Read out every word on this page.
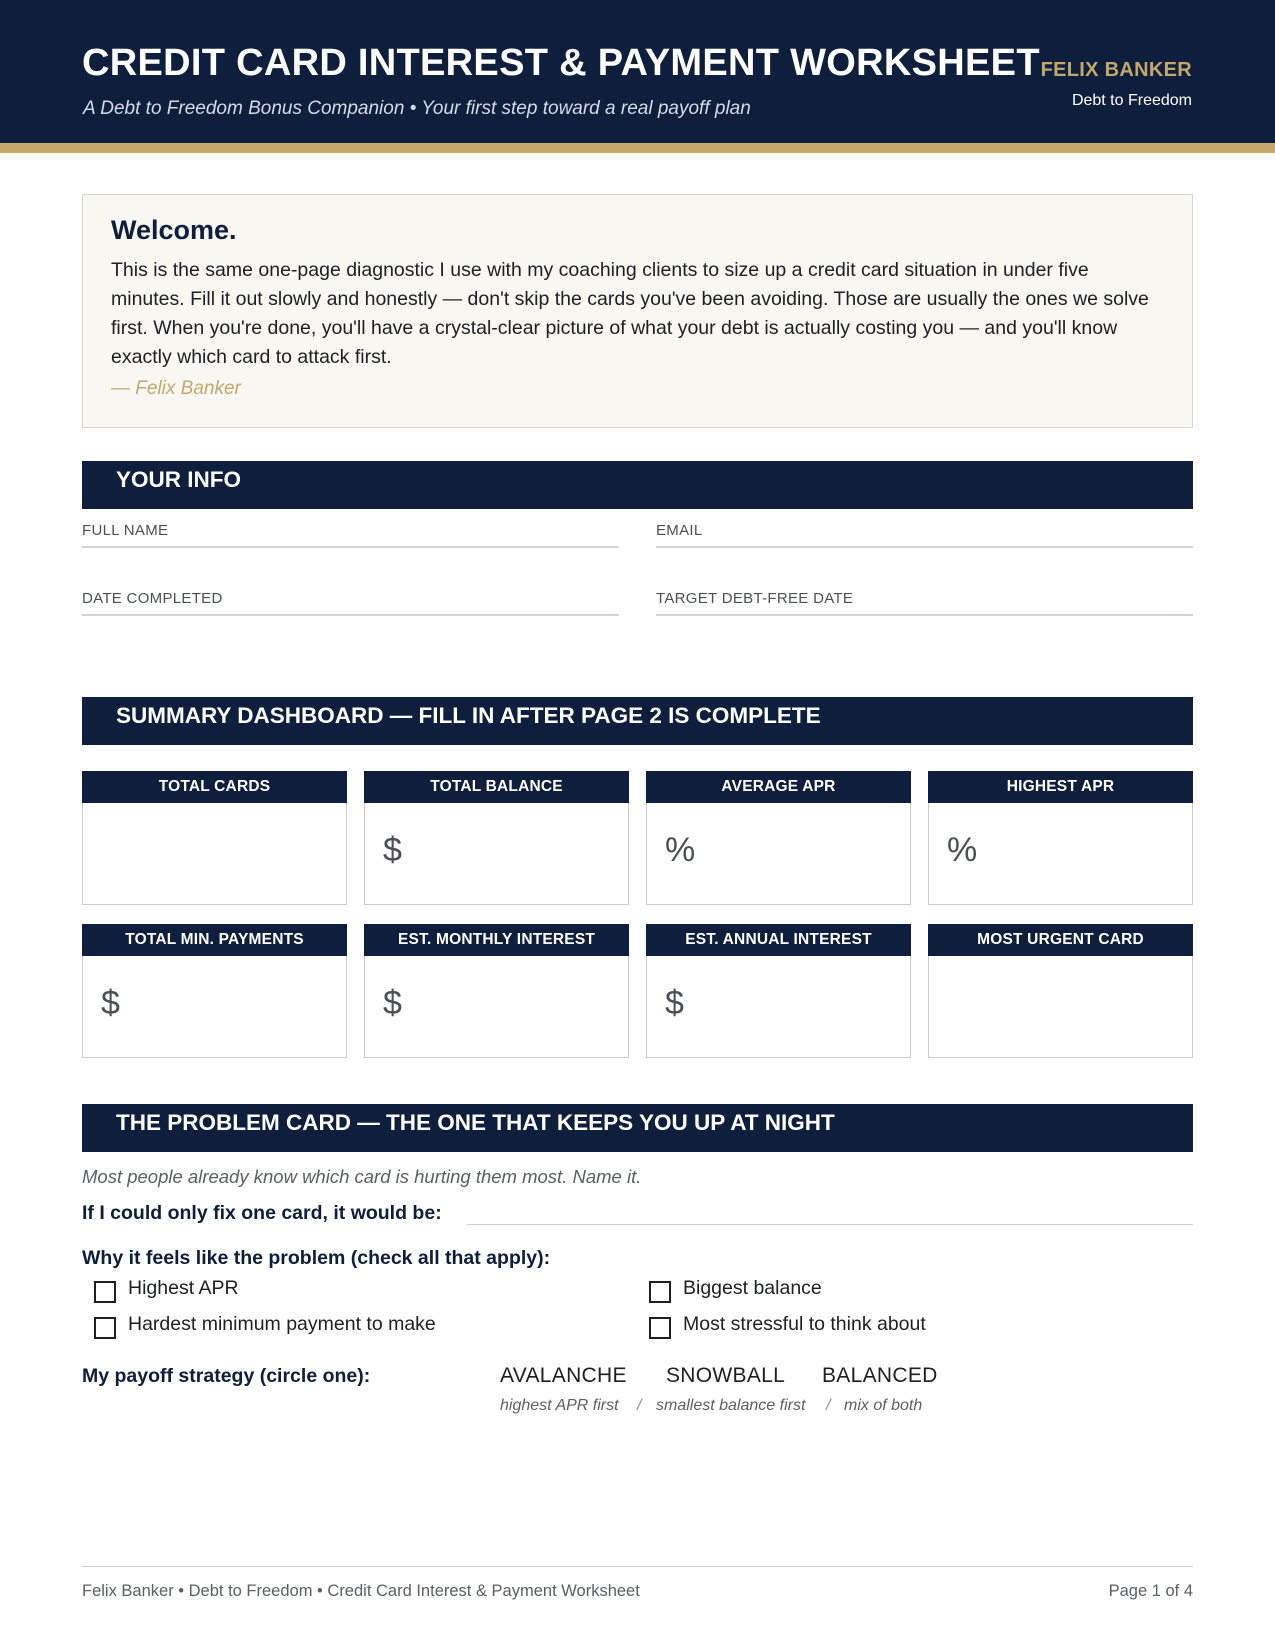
CREDIT CARD INTEREST & PAYMENT WORKSHEET
A Debt to Freedom Bonus Companion • Your first step toward a real payoff plan
FELIX BANKER
Debt to Freedom
Welcome.

This is the same one-page diagnostic I use with my coaching clients to size up a credit card situation in under five minutes. Fill it out slowly and honestly — don't skip the cards you've been avoiding. Those are usually the ones we solve first. When you're done, you'll have a crystal-clear picture of what your debt is actually costing you — and you'll know exactly which card to attack first.

— Felix Banker
YOUR INFO
FULL NAME	EMAIL
DATE COMPLETED	TARGET DEBT-FREE DATE
SUMMARY DASHBOARD — FILL IN AFTER PAGE 2 IS COMPLETE
TOTAL CARDS	TOTAL BALANCE
$
AVERAGE APR
%
HIGHEST APR
%
TOTAL MIN. PAYMENTS
$
EST. MONTHLY INTEREST
$
EST. ANNUAL INTEREST
$
MOST URGENT CARD
THE PROBLEM CARD — THE ONE THAT KEEPS YOU UP AT NIGHT
Most people already know which card is hurting them most. Name it.
If I could only fix one card, it would be:
Why it feels like the problem (check all that apply):
Highest APR	Biggest balance
Hardest minimum payment to make	Most stressful to think about
My payoff strategy (circle one):	AVALANCHE SNOWBALL BALANCED
highest APR first / smallest balance first / mix of both
Felix Banker • Debt to Freedom • Credit Card Interest & Payment Worksheet	Page 1 of 4
